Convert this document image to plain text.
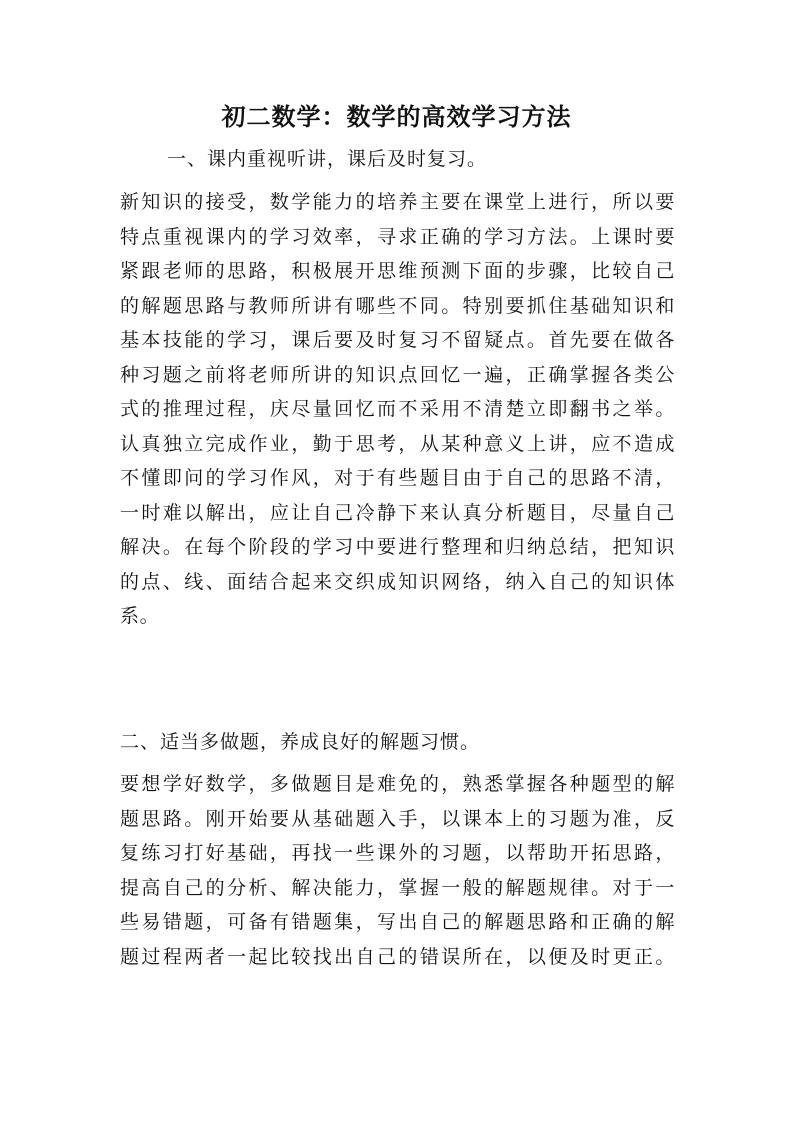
初二数学：数学的高效学习方法
一、课内重视听讲，课后及时复习。
新知识的接受，数学能力的培养主要在课堂上进行，所以要
特点重视课内的学习效率，寻求正确的学习方法。上课时要
紧跟老师的思路，积极展开思维预测下面的步骤，比较自己
的解题思路与教师所讲有哪些不同。特别要抓住基础知识和
基本技能的学习，课后要及时复习不留疑点。首先要在做各
种习题之前将老师所讲的知识点回忆一遍，正确掌握各类公
式的推理过程，庆尽量回忆而不采用不清楚立即翻书之举。
认真独立完成作业，勤于思考，从某种意义上讲，应不造成
不懂即问的学习作风，对于有些题目由于自己的思路不清，
一时难以解出，应让自己冷静下来认真分析题目，尽量自己
解决。在每个阶段的学习中要进行整理和归纳总结，把知识
的点、线、面结合起来交织成知识网络，纳入自己的知识体
系。
二、适当多做题，养成良好的解题习惯。
要想学好数学，多做题目是难免的，熟悉掌握各种题型的解
题思路。刚开始要从基础题入手，以课本上的习题为准，反
复练习打好基础，再找一些课外的习题，以帮助开拓思路，
提高自己的分析、解决能力，掌握一般的解题规律。对于一
些易错题，可备有错题集，写出自己的解题思路和正确的解
题过程两者一起比较找出自己的错误所在，以便及时更正。
